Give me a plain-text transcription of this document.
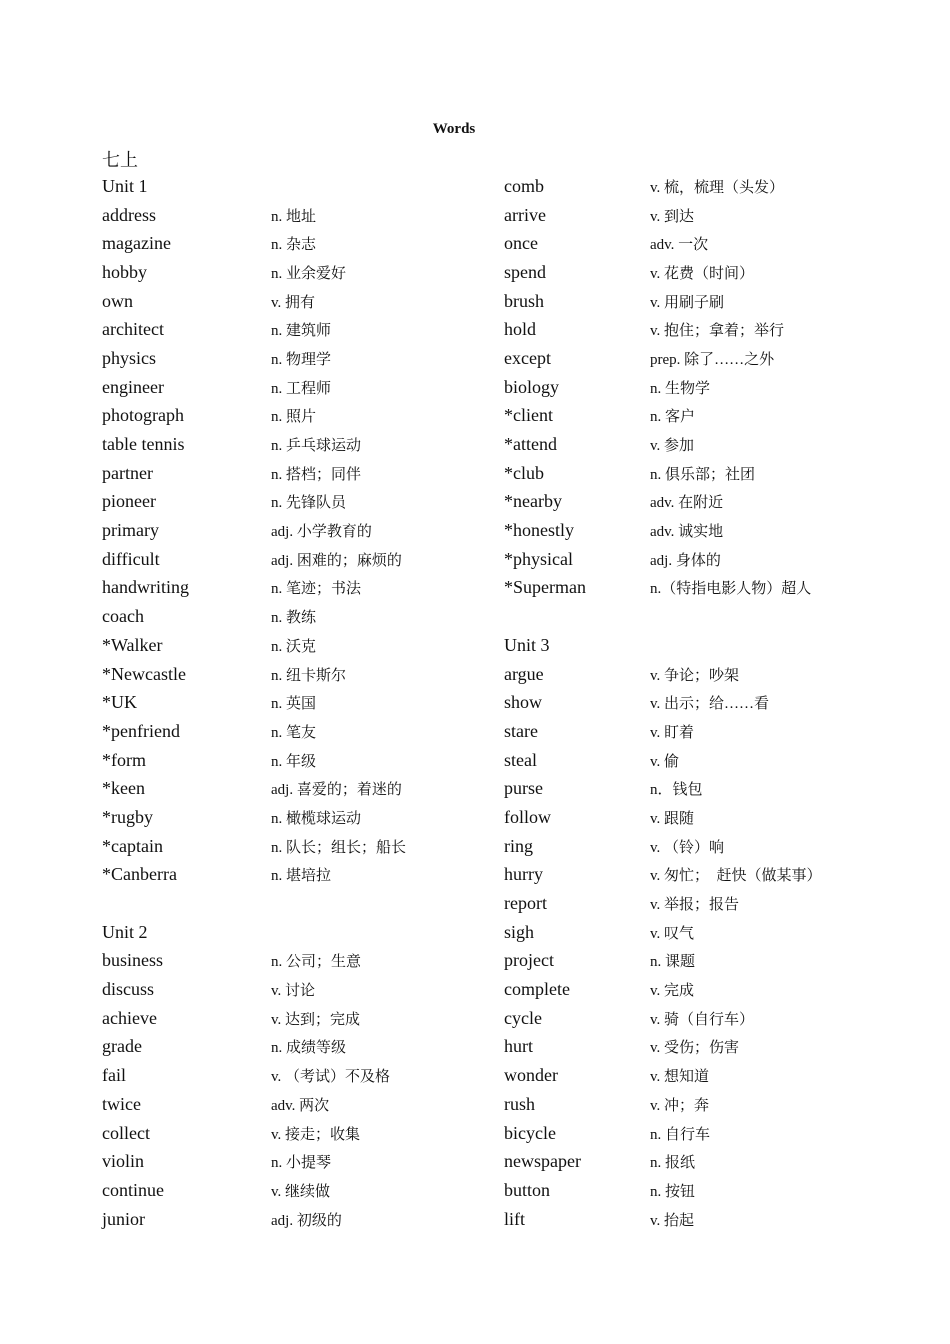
Words
七上
Unit 1
address	n. 地址
magazine	n. 杂志
hobby	n. 业余爱好
own	v. 拥有
architect	n. 建筑师
physics	n. 物理学
engineer	n. 工程师
photograph	n. 照片
table tennis	n. 乒乓球运动
partner	n. 搭档；同伴
pioneer	n. 先锋队员
primary	adj. 小学教育的
difficult	adj. 困难的；麻烦的
handwriting	n. 笔迹；书法
coach	n. 教练
*Walker	n. 沃克
*Newcastle	n. 纽卡斯尔
*UK	n. 英国
*penfriend	n. 笔友
*form	n. 年级
*keen	adj. 喜爱的；着迷的
*rugby	n. 橄榄球运动
*captain	n. 队长；组长；船长
*Canberra	n. 堪培拉
Unit 2
business	n. 公司；生意
discuss	v. 讨论
achieve	v. 达到；完成
grade	n. 成绩等级
fail	v. （考试）不及格
twice	adv. 两次
collect	v. 接走；收集
violin	n. 小提琴
continue	v. 继续做
junior	adj. 初级的
comb	v. 梳，梳理（头发）
arrive	v. 到达
once	adv. 一次
spend	v. 花费（时间）
brush	v. 用刷子刷
hold	v. 抱住；拿着；举行
except	prep. 除了……之外
biology	n. 生物学
*client	n. 客户
*attend	v. 参加
*club	n. 俱乐部；社团
*nearby	adv. 在附近
*honestly	adv. 诚实地
*physical	adj. 身体的
*Superman	n.（特指电影人物）超人
Unit 3
argue	v. 争论；吵架
show	v. 出示；给……看
stare	v. 盯着
steal	v. 偷
purse	n．钱包
follow	v. 跟随
ring	v. （铃）响
hurry	v. 匆忙；　赶快（做某事）
report	v. 举报；报告
sigh	v. 叹气
project	n. 课题
complete	v. 完成
cycle	v. 骑（自行车）
hurt	v. 受伤；伤害
wonder	v. 想知道
rush	v. 冲；奔
bicycle	n. 自行车
newspaper	n. 报纸
button	n. 按钮
lift	v. 抬起
